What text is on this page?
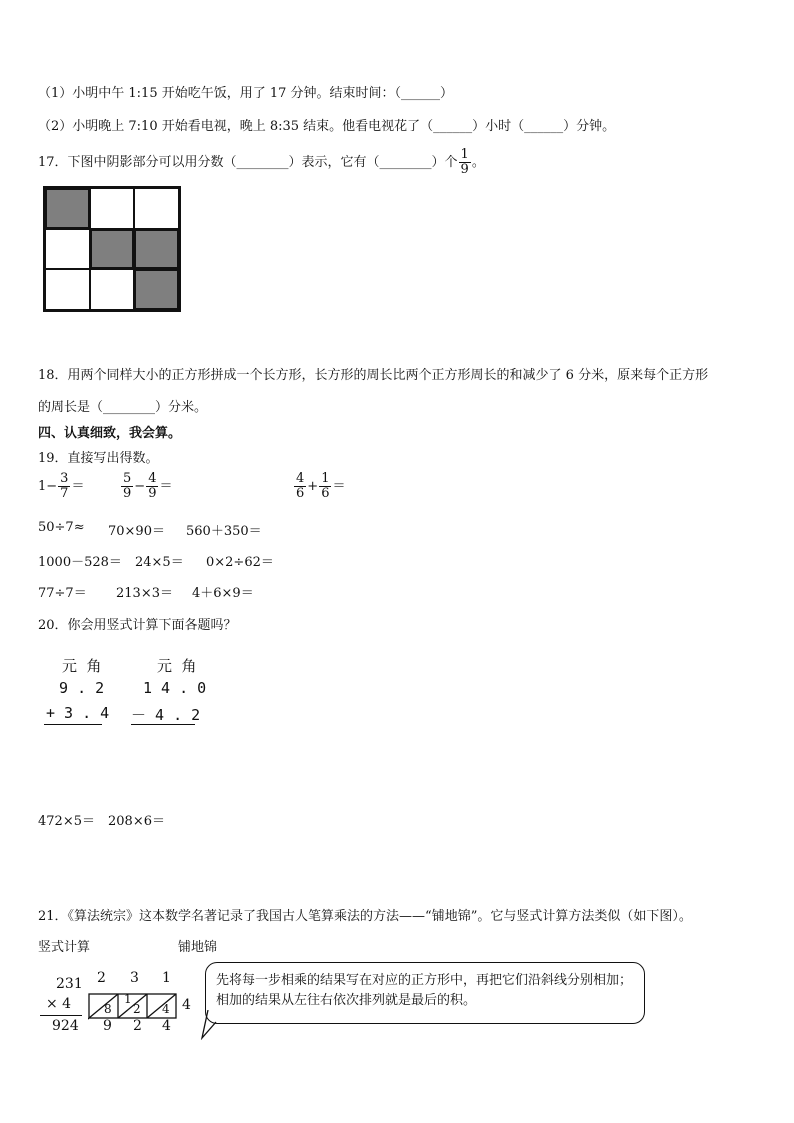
（1）小明中午 1:15 开始吃午饭，用了 17 分钟。结束时间：（______）
（2）小明晚上 7:10 开始看电视，晚上 8:35 结束。他看电视花了（______）小时（______）分钟。
17．下图中阴影部分可以用分数（________）表示，它有（________）个 $\frac{1}{9}$ 。
18．用两个同样大小的正方形拼成一个长方形，长方形的周长比两个正方形周长的和减少了 6 分米，原来每个正方形
的周长是（________）分米。
四、认真细致，我会算。
19．直接写出得数。
$1- \frac{3}{7}$ ＝	$\frac{5}{9} - \frac{4}{9}$ ＝	$\frac{4}{6} + \frac{1}{6}$ ＝
50÷7≈ 70×90＝ 560＋350＝
1000－528＝ 24×5＝ 0×2÷62＝
77÷7＝ 213×3＝ 4＋6×9＝
20．你会用竖式计算下面各题吗？
元  角
9 . 2
+ 3 . 4
元  角
1 4 . 0
－ 4 . 2
472×5＝ 208×6＝
21．《算法统宗》这本数学名著记录了我国古人笔算乘法的方法——“铺地锦”。它与竖式计算方法类似（如下图）。
竖式计算	铺地锦
231
× 4
924
2 3 1
4
1
8 2 4
9 2 4
先将每一步相乘的结果写在对应的正方形中，再把它们沿斜线分别相加；相加的结果从左往右依次排列就是最后的积。
